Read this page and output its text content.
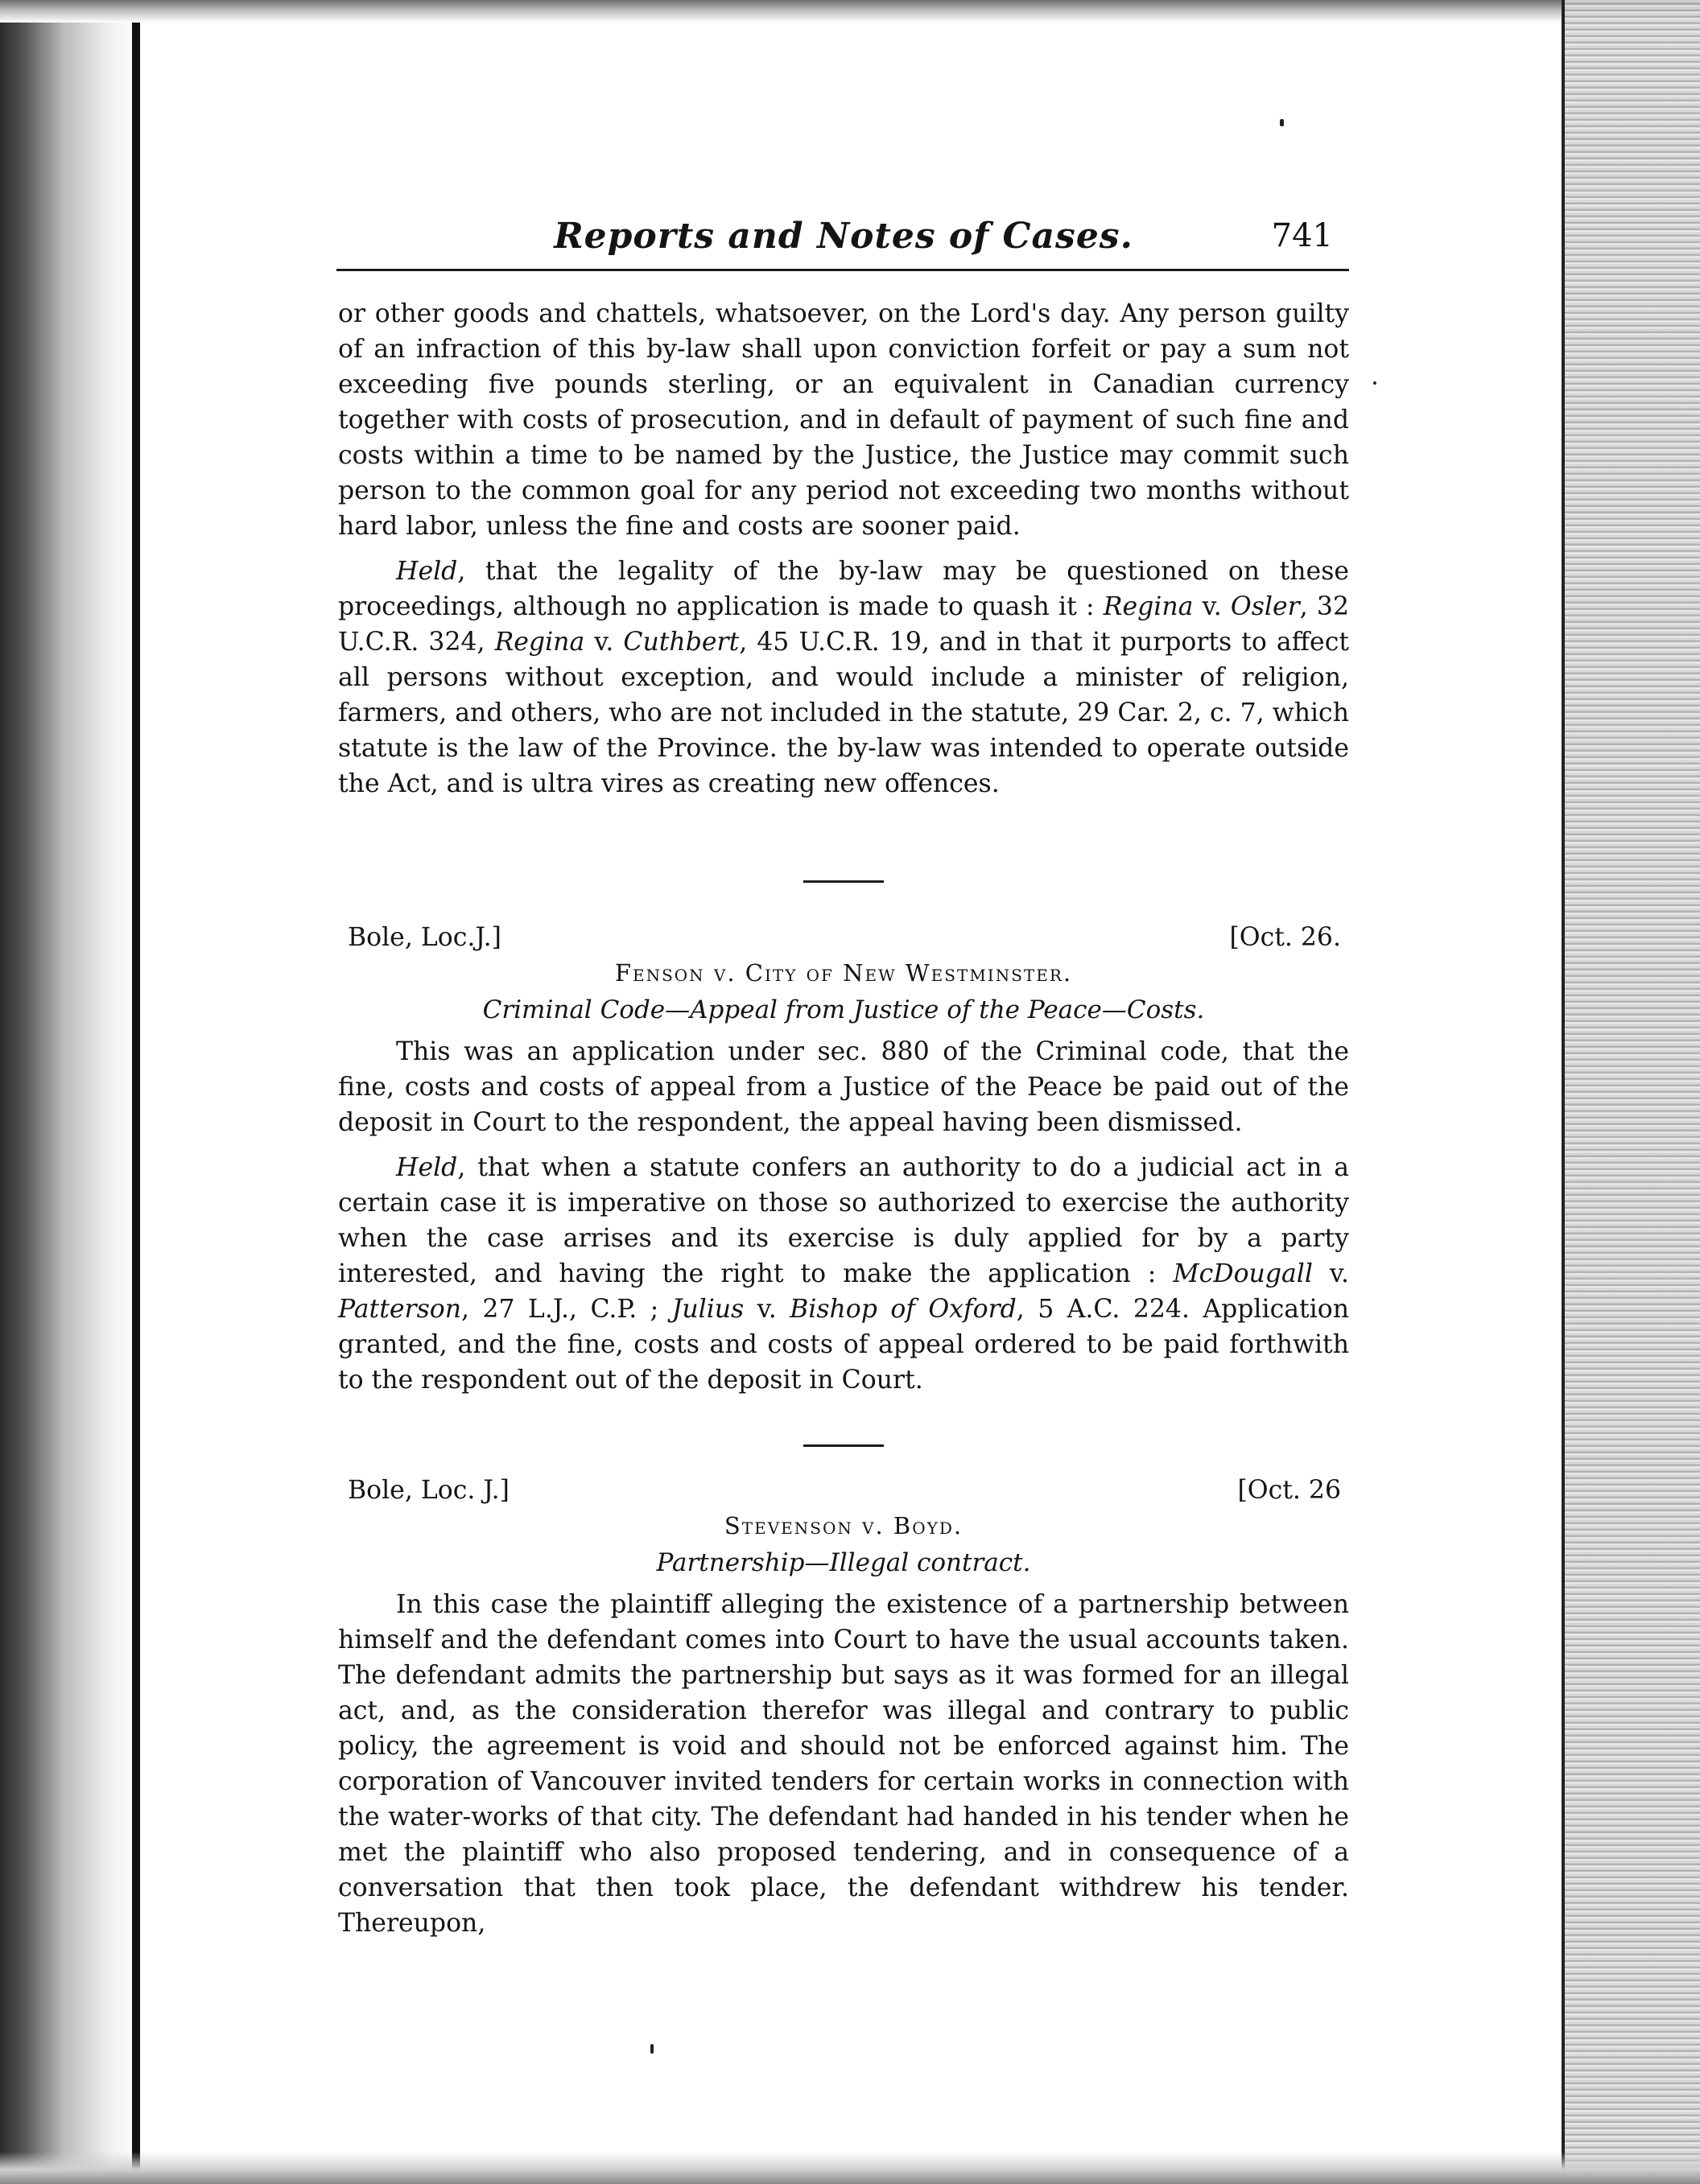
Reports and Notes of Cases.	741

or other goods and chattels, whatsoever, on the Lord's day. Any person guilty of an infraction of this by-law shall upon conviction forfeit or pay a sum not exceeding five pounds sterling, or an equivalent in Canadian currency together with costs of prosecution, and in default of payment of such fine and costs within a time to be named by the Justice, the Justice may commit such person to the common goal for any period not exceeding two months without hard labor, unless the fine and costs are sooner paid.

Held, that the legality of the by-law may be questioned on these proceedings, although no application is made to quash it : Regina v. Osler, 32 U.C.R. 324, Regina v. Cuthbert, 45 U.C.R. 19, and in that it purports to affect all persons without exception, and would include a minister of religion, farmers, and others, who are not included in the statute, 29 Car. 2, c. 7, which statute is the law of the Province. the by-law was intended to operate outside the Act, and is ultra vires as creating new offences.

Bole, Loc.J.]	[Oct. 26.
Fenson v. City of New Westminster.
Criminal Code—Appeal from Justice of the Peace—Costs.

This was an application under sec. 880 of the Criminal code, that the fine, costs and costs of appeal from a Justice of the Peace be paid out of the deposit in Court to the respondent, the appeal having been dismissed.

Held, that when a statute confers an authority to do a judicial act in a certain case it is imperative on those so authorized to exercise the authority when the case arrises and its exercise is duly applied for by a party interested, and having the right to make the application : McDougall v. Patterson, 27 L.J., C.P. ; Julius v. Bishop of Oxford, 5 A.C. 224. Application granted, and the fine, costs and costs of appeal ordered to be paid forthwith to the respondent out of the deposit in Court.

Bole, Loc. J.]	[Oct. 26
Stevenson v. Boyd.
Partnership—Illegal contract.

In this case the plaintiff alleging the existence of a partnership between himself and the defendant comes into Court to have the usual accounts taken. The defendant admits the partnership but says as it was formed for an illegal act, and, as the consideration therefor was illegal and contrary to public policy, the agreement is void and should not be enforced against him. The corporation of Vancouver invited tenders for certain works in connection with the water-works of that city. The defendant had handed in his tender when he met the plaintiff who also proposed tendering, and in consequence of a conversation that then took place, the defendant withdrew his tender. Thereupon,
